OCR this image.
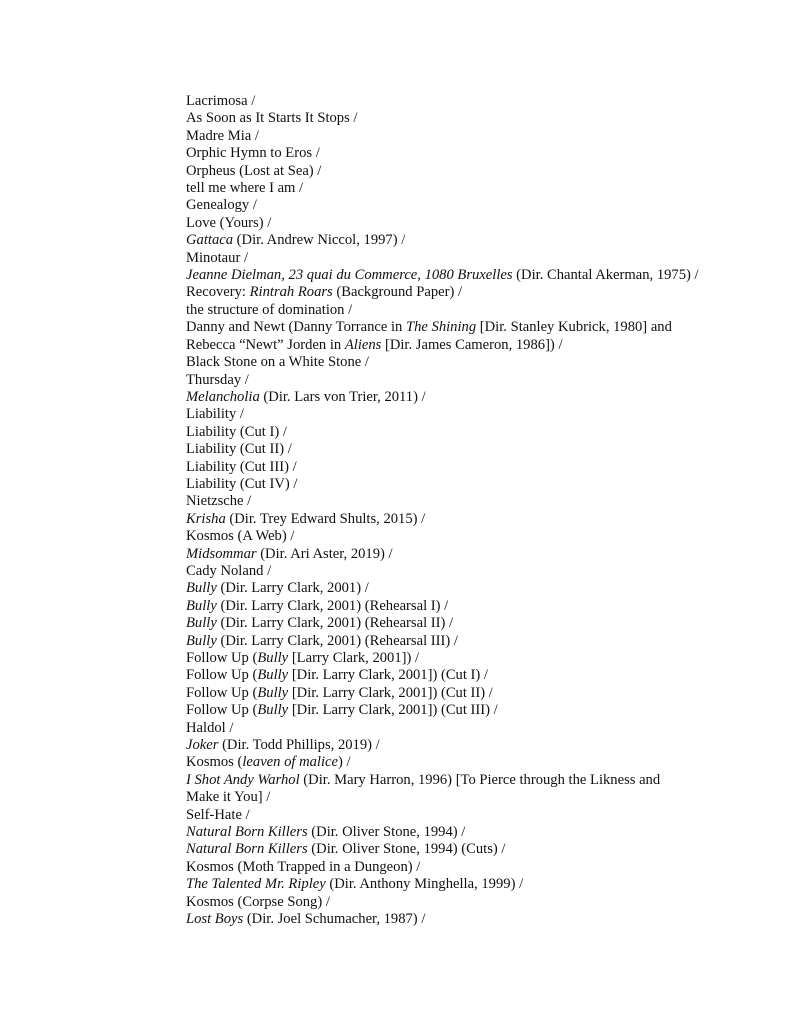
Lacrimosa /
As Soon as It Starts It Stops /
Madre Mia /
Orphic Hymn to Eros /
Orpheus (Lost at Sea) /
tell me where I am /
Genealogy /
Love (Yours) /
Gattaca (Dir. Andrew Niccol, 1997) /
Minotaur /
Jeanne Dielman, 23 quai du Commerce, 1080 Bruxelles (Dir. Chantal Akerman, 1975) /
Recovery: Rintrah Roars (Background Paper) /
the structure of domination /
Danny and Newt (Danny Torrance in The Shining [Dir. Stanley Kubrick, 1980] and
Rebecca “Newt” Jorden in Aliens [Dir. James Cameron, 1986]) /
Black Stone on a White Stone /
Thursday /
Melancholia (Dir. Lars von Trier, 2011) /
Liability /
Liability (Cut I) /
Liability (Cut II) /
Liability (Cut III) /
Liability (Cut IV) /
Nietzsche /
Krisha (Dir. Trey Edward Shults, 2015) /
Kosmos (A Web) /
Midsommar (Dir. Ari Aster, 2019) /
Cady Noland /
Bully (Dir. Larry Clark, 2001) /
Bully (Dir. Larry Clark, 2001) (Rehearsal I) /
Bully (Dir. Larry Clark, 2001) (Rehearsal II) /
Bully (Dir. Larry Clark, 2001) (Rehearsal III) /
Follow Up (Bully [Larry Clark, 2001]) /
Follow Up (Bully [Dir. Larry Clark, 2001]) (Cut I) /
Follow Up (Bully [Dir. Larry Clark, 2001]) (Cut II) /
Follow Up (Bully [Dir. Larry Clark, 2001]) (Cut III) /
Haldol /
Joker (Dir. Todd Phillips, 2019) /
Kosmos (leaven of malice) /
I Shot Andy Warhol (Dir. Mary Harron, 1996) [To Pierce through the Likness and
Make it You] /
Self-Hate /
Natural Born Killers (Dir. Oliver Stone, 1994) /
Natural Born Killers (Dir. Oliver Stone, 1994) (Cuts) /
Kosmos (Moth Trapped in a Dungeon) /
The Talented Mr. Ripley (Dir. Anthony Minghella, 1999) /
Kosmos (Corpse Song) /
Lost Boys (Dir. Joel Schumacher, 1987) /
